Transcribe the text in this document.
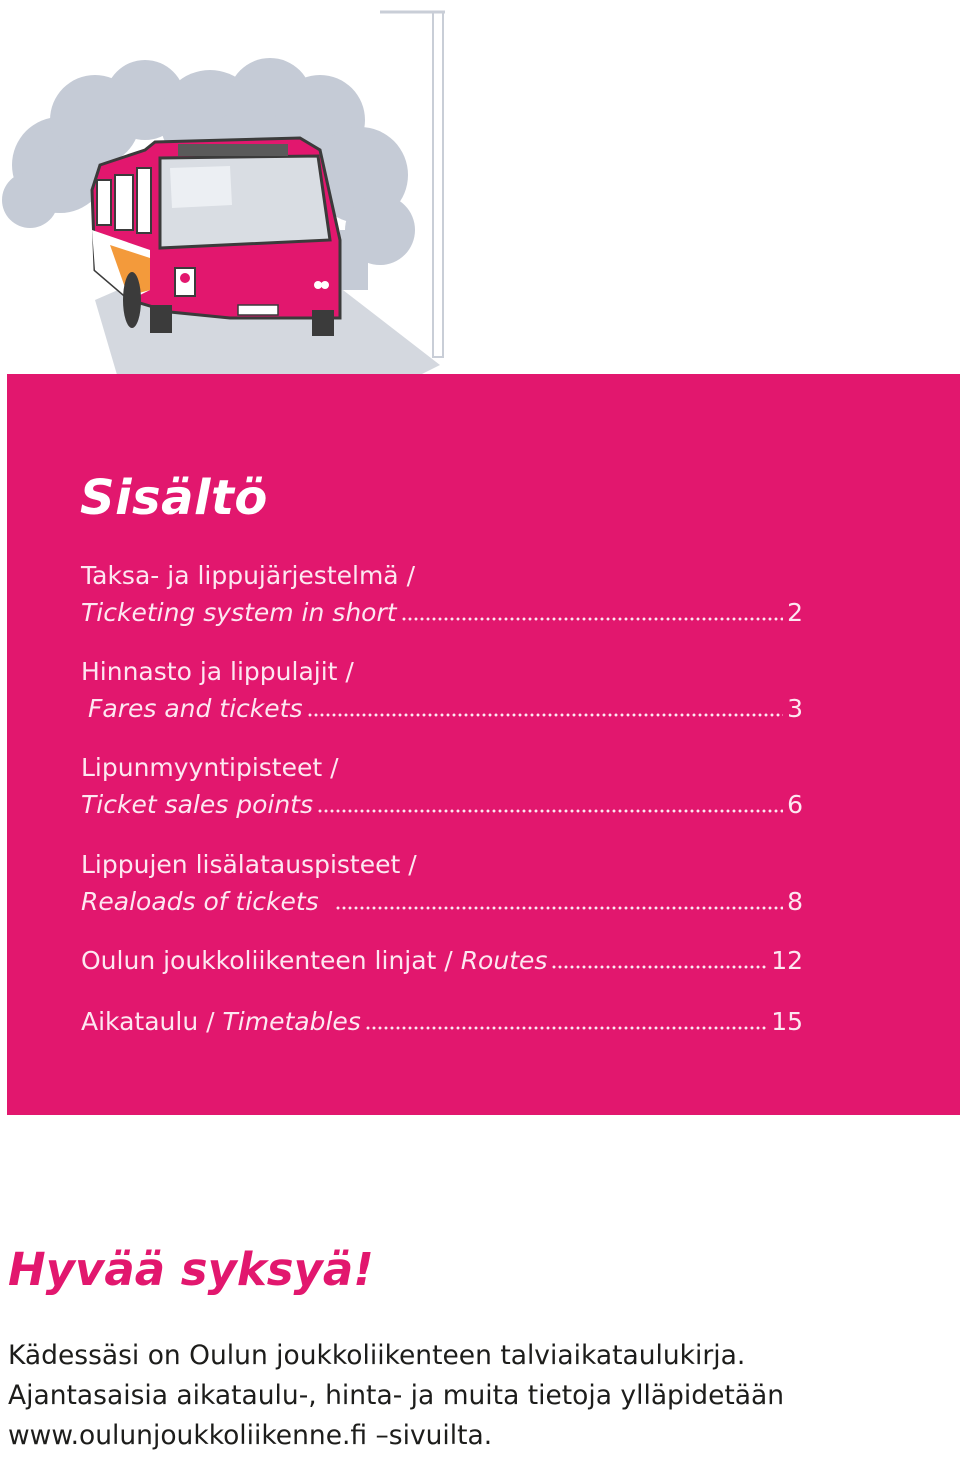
Sisältö
Taksa- ja lippujärjestelmä /
Ticketing system in short	2
Hinnasto ja lippulajit /
Fares and tickets	3
Lipunmyyntipisteet /
Ticket sales points	6
Lippujen lisälatauspisteet /
Realoads of tickets	8
Oulun joukkoliikenteen linjat /
Routes	12
Aikataulu /
Timetables	15
Hyvää syksyä!

Kädessäsi on Oulun joukkoliikenteen talviaikataulukirja.

Ajantasaisia aikataulu-, hinta- ja muita tietoja ylläpidetään

www.oulunjoukkoliikenne.fi –sivuilta.
